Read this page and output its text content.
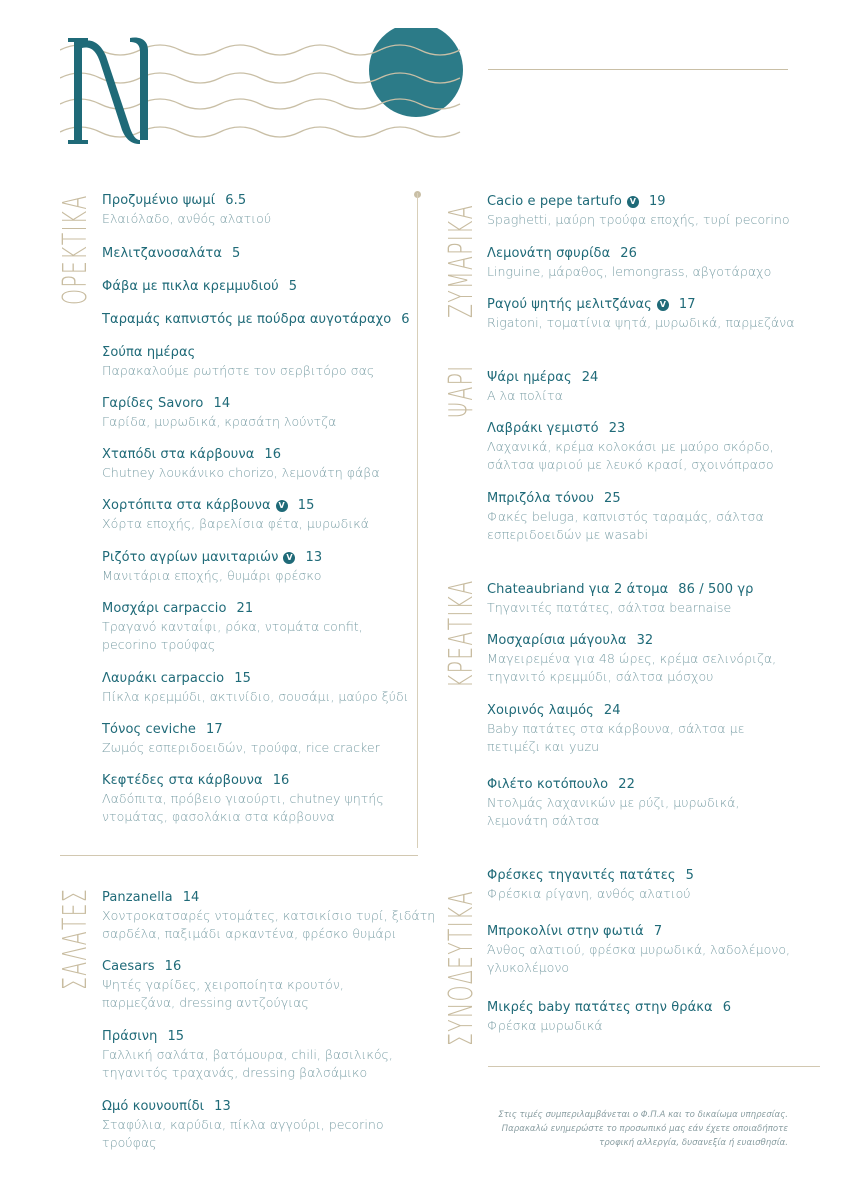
ΟΡΕΚΤΙΚΑ
ΣΑΛΑΤΕΣ
ΖΥΜΑΡΙΚΑ
ΨΑΡΙ
ΚΡΕΑΤΙΚΑ
ΣΥΝΟΔΕΥΤΙΚΑ
Προζυμένιο ψωμί 6.5
Ελαιόλαδο, ανθός αλατιού
Μελιτζανοσαλάτα 5
Φάβα με πικλα κρεμμυδιού 5
Ταραμάς καπνιστός με πούδρα αυγοτάραχο 6
Σούπα ημέρας
Παρακαλούμε ρωτήστε τον σερβιτόρο σας
Γαρίδες Savoro 14
Γαρίδα, μυρωδικά, κρασάτη λούντζα
Χταπόδι στα κάρβουνα 16
Chutney λουκάνικο chorizo, λεμονάτη φάβα
Χορτόπιτα στα κάρβουνα V 15
Χόρτα εποχής, βαρελίσια φέτα, μυρωδικά
Ριζότο αγρίων μανιταριών V 13
Μανιτάρια εποχής, θυμάρι φρέσκο
Μοσχάρι carpaccio 21
Τραγανό κανταΐφι, ρόκα, ντομάτα confit,
pecorino τρούφας
Λαυράκι carpaccio 15
Πίκλα κρεμμύδι, ακτινίδιο, σουσάμι, μαύρο ξύδι
Τόνος ceviche 17
Ζωμός εσπεριδοειδών, τρούφα, rice cracker
Κεφτέδες στα κάρβουνα 16
Λαδόπιτα, πρόβειο γιαούρτι, chutney ψητής
ντομάτας, φασολάκια στα κάρβουνα
Panzanella 14
Χοντροκατσαρές ντομάτες, κατσικίσιο τυρί, ξιδάτη
σαρδέλα, παξιμάδι αρκαντένα, φρέσκο θυμάρι
Caesars 16
Ψητές γαρίδες, χειροποίητα κρουτόν,
παρμεζάνα, dressing αντζούγιας
Πράσινη 15
Γαλλική σαλάτα, βατόμουρα, chili, βασιλικός,
τηγανιτός τραχανάς, dressing βαλσάμικο
Ωμό κουνουπίδι 13
Σταφύλια, καρύδια, πίκλα αγγούρι, pecorino
τρούφας
Cacio e pepe tartufo V 19
Spaghetti, μαύρη τρούφα εποχής, τυρί pecorino
Λεμονάτη σφυρίδα 26
Linguine, μάραθος, lemongrass, αβγοτάραχο
Ραγού ψητής μελιτζάνας V 17
Rigatoni, τοματίνια ψητά, μυρωδικά, παρμεζάνα
Ψάρι ημέρας 24
Α λα πολίτα
Λαβράκι γεμιστό 23
Λαχανικά, κρέμα κολοκάσι με μαύρο σκόρδο,
σάλτσα ψαριού με λευκό κρασί, σχοινόπρασο
Μπριζόλα τόνου 25
Φακές beluga, καπνιστός ταραμάς, σάλτσα
εσπεριδοειδών με wasabi
Chateaubriand για 2 άτομα 86 / 500 γρ
Τηγανιτές πατάτες, σάλτσα bearnaise
Μοσχαρίσια μάγουλα 32
Μαγειρεμένα για 48 ώρες, κρέμα σελινόριζα,
τηγανιτό κρεμμύδι, σάλτσα μόσχου
Χοιρινός λαιμός 24
Baby πατάτες στα κάρβουνα, σάλτσα με
πετιμέζι και yuzu
Φιλέτο κοτόπουλο 22
Ντολμάς λαχανικών με ρύζι, μυρωδικά,
λεμονάτη σάλτσα
Φρέσκες τηγανιτές πατάτες 5
Φρέσκια ρίγανη, ανθός αλατιού
Μπροκολίνι στην φωτιά 7
Άνθος αλατιού, φρέσκα μυρωδικά, λαδολέμονο,
γλυκολέμονο
Μικρές baby πατάτες στην θράκα 6
Φρέσκα μυρωδικά
Στις τιμές συμπεριλαμβάνεται ο Φ.Π.Α και το δικαίωμα υπηρεσίας.
Παρακαλώ ενημερώστε το προσωπικό μας εάν έχετε οποιαδήποτε
τροφική αλλεργία, δυσανεξία ή ευαισθησία.
